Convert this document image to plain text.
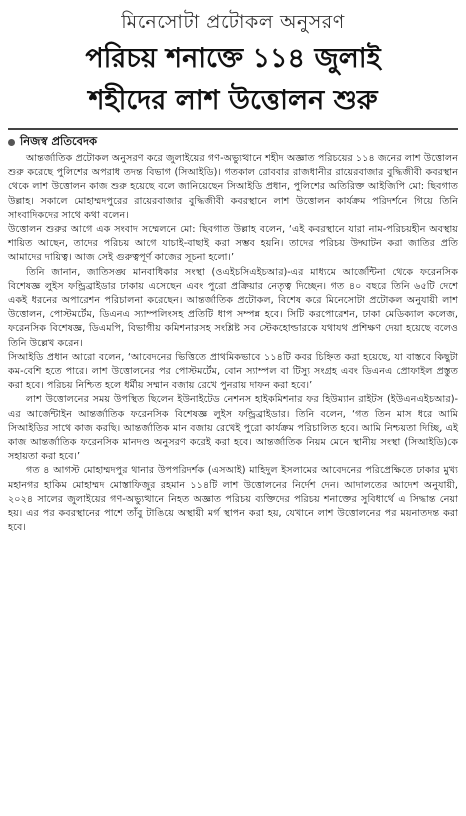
মিনেসোটা প্রটোকল অনুসরণ
পরিচয় শনাক্তে ১১৪ জুলাই
শহীদের লাশ উত্তোলন শুরু
নিজস্ব প্রতিবেদক

আন্তর্জাতিক প্রটোকল অনুসরণ করে জুলাইয়ের গণ-অভ্যুত্থানে শহীদ অজ্ঞাত পরিচয়ের ১১৪ জনের লাশ উত্তোলন শুরু করেছে পুলিশের অপরাধ তদন্ত বিভাগ (সিআইডি)। গতকাল রোববার রাজধানীর রায়েরবাজার বুদ্ধিজীবী কবরস্থান থেকে লাশ উত্তোলন কাজ শুরু হয়েছে বলে জানিয়েছেন সিআইডি প্রধান, পুলিশের অতিরিক্ত আইজিপি মো: ছিবগাত উল্লাহ। সকালে মোহাম্মদপুরের রায়েরবাজার বুদ্ধিজীবী কবরস্থানে লাশ উত্তোলন কার্যক্রম পরিদর্শনে গিয়ে তিনি সাংবাদিকদের সাথে কথা বলেন।

উত্তোলন শুরুর আগে এক সংবাদ সম্মেলনে মো: ছিবগাত উল্লাহ বলেন, ‘এই কবরস্থানে যারা নাম-পরিচয়হীন অবস্থায় শায়িত আছেন, তাদের পরিচয় আগে যাচাই-বাছাই করা সম্ভব হয়নি। তাদের পরিচয় উদ্ঘাটন করা জাতির প্রতি আমাদের দায়িত্ব। আজ সেই গুরুত্বপূর্ণ কাজের সূচনা হলো।’

তিনি জানান, জাতিসঙ্ঘ মানবাধিকার সংস্থা (ওএইচসিএইচআর)-এর মাধ্যমে আর্জেন্টিনা থেকে ফরেনসিক বিশেষজ্ঞ লুইস ফন্ড্রিব্রাইডার ঢাকায় এসেছেন এবং পুরো প্রক্রিয়ার নেতৃত্ব দিচ্ছেন। গত ৪০ বছরে তিনি ৬৫টি দেশে একই ধরনের অপারেশন পরিচালনা করেছেন। আন্তর্জাতিক প্রটোকল, বিশেষ করে মিনেসোটা প্রটোকল অনুযায়ী লাশ উত্তোলন, পোস্টমর্টেম, ডিএনএ স্যাম্পলিংসহ প্রতিটি ধাপ সম্পন্ন হবে। সিটি করপোরেশন, ঢাকা মেডিক্যাল কলেজ, ফরেনসিক বিশেষজ্ঞ, ডিএমপি, বিভাগীয় কমিশনারসহ সংশ্লিষ্ট সব স্টেকহোল্ডারকে যথাযথ প্রশিক্ষণ দেয়া হয়েছে বলেও তিনি উল্লেখ করেন।

সিআইডি প্রধান আরো বলেন, ‘আবেদনের ভিত্তিতে প্রাথমিকভাবে ১১৪টি কবর চিহ্নিত করা হয়েছে, যা বাস্তবে কিছুটা কম-বেশি হতে পারে। লাশ উত্তোলনের পর পোস্টমর্টেম, বোন স্যাম্পল বা টিস্যু সংগ্রহ এবং ডিএনএ প্রোফাইল প্রস্তুত করা হবে। পরিচয় নিশ্চিত হলে ধর্মীয় সম্মান বজায় রেখে পুনরায় দাফন করা হবে।’

লাশ উত্তোলনের সময় উপস্থিত ছিলেন ইউনাইটেড নেশনস হাইকমিশনার ফর হিউম্যান রাইটস (ইউএনএইচআর)-এর আর্জেন্টাইন আন্তর্জাতিক ফরেনসিক বিশেষজ্ঞ লুইস ফন্ড্রিব্রাইডার। তিনি বলেন, ‘গত তিন মাস ধরে আমি সিআইডির সাথে কাজ করছি। আন্তর্জাতিক মান বজায় রেখেই পুরো কার্যক্রম পরিচালিত হবে। আমি নিশ্চয়তা দিচ্ছি, এই কাজ আন্তর্জাতিক ফরেনসিক মানদণ্ড অনুসরণ করেই করা হবে। আন্তর্জাতিক নিয়ম মেনে স্থানীয় সংস্থা (সিআইডি)কে সহায়তা করা হবে।’

গত ৪ আগস্ট মোহাম্মদপুর থানার উপপরিদর্শক (এসআই) মাহিদুল ইসলামের আবেদনের পরিপ্রেক্ষিতে ঢাকার মুখ্য মহানগর হাকিম মোহাম্মদ মোস্তাফিজুর রহমান ১১৪টি লাশ উত্তোলনের নির্দেশ দেন। আদালতের আদেশ অনুযায়ী, ২০২৪ সালের জুলাইয়ের গণ-অভ্যুত্থানে নিহত অজ্ঞাত পরিচয় ব্যক্তিদের পরিচয় শনাক্তের সুবিধার্থে এ সিদ্ধান্ত নেয়া হয়। এর পর কবরস্থানের পাশে তাঁবু টাঙিয়ে অস্থায়ী মর্গ স্থাপন করা হয়, যেখানে লাশ উত্তোলনের পর ময়নাতদন্ত করা হবে।
